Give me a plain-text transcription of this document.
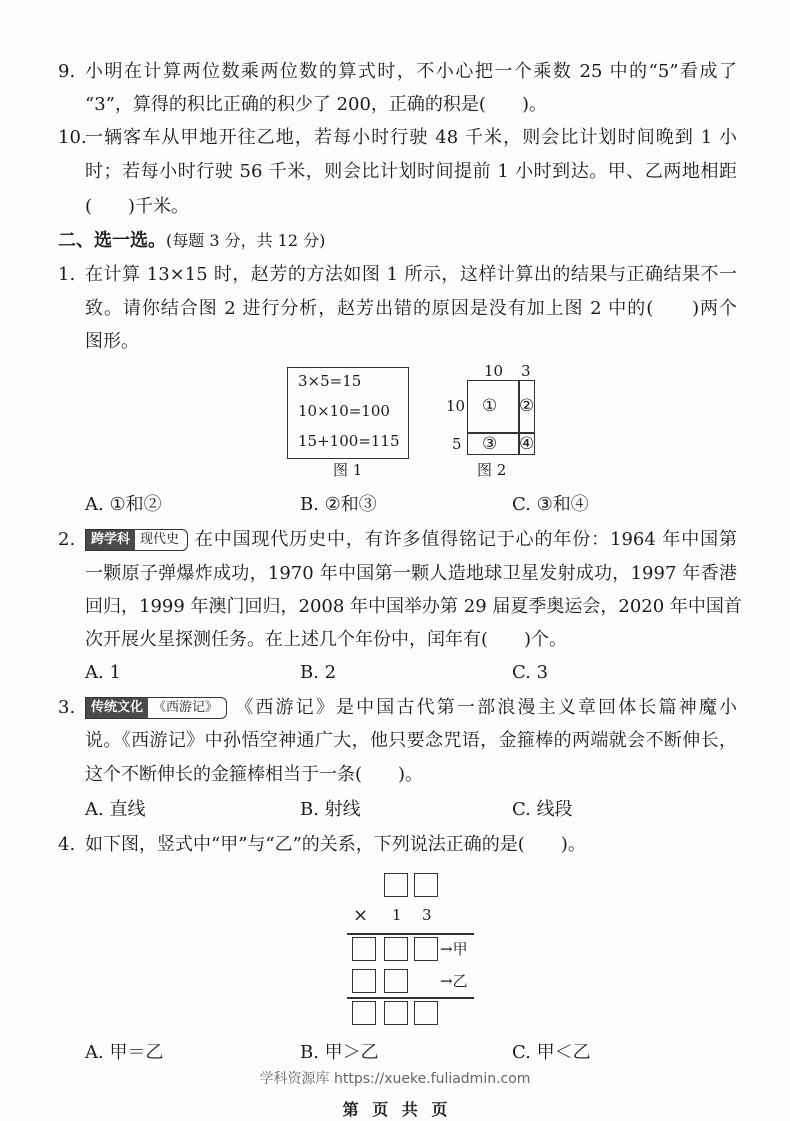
9. 小明在计算两位数乘两位数的算式时，不小心把一个乘数 25 中的“5”看成了
“3”，算得的积比正确的积少了 200，正确的积是(　　)。
10.
一辆客车从甲地开往乙地，若每小时行驶 48 千米，则会比计划时间晚到 1 小
时；若每小时行驶 56 千米，则会比计划时间提前 1 小时到达。甲、乙两地相距
(　　)千米。
二、选一选。(每题 3 分，共 12 分)
1. 在计算 13×15 时，赵芳的方法如图 1 所示，这样计算出的结果与正确结果不一
致。请你结合图 2 进行分析，赵芳出错的原因是没有加上图 2 中的(　　)两个
图形。
3×5=15
10×10=100
15+100=115
图 1
10 3
10
5
① ②
③ ④
图 2
A. ①和②	B. ②和③	C. ③和④
2.	跨学科 现代史 在中国现代历史中，有许多值得铭记于心的年份：1964 年中国第
一颗原子弹爆炸成功，1970 年中国第一颗人造地球卫星发射成功，1997 年香港
回归，1999 年澳门回归，2008 年中国举办第 29 届夏季奥运会，2020 年中国首
次开展火星探测任务。在上述几个年份中，闰年有(　　)个。
A. 1	B. 2	C. 3
3.	传统文化 《西游记》 《西游记》是中国古代第一部浪漫主义章回体长篇神魔小
说。《西游记》中孙悟空神通广大，他只要念咒语，金箍棒的两端就会不断伸长，
这个不断伸长的金箍棒相当于一条(　　)。
A. 直线	B. 射线	C. 线段
4. 如下图，竖式中“甲”与“乙”的关系，下列说法正确的是(　　)。
× 1 3
→甲
→乙
A. 甲＝乙	B. 甲＞乙	C. 甲＜乙
学科资源库 https://xueke.fuliadmin.com
第 页 共 页
